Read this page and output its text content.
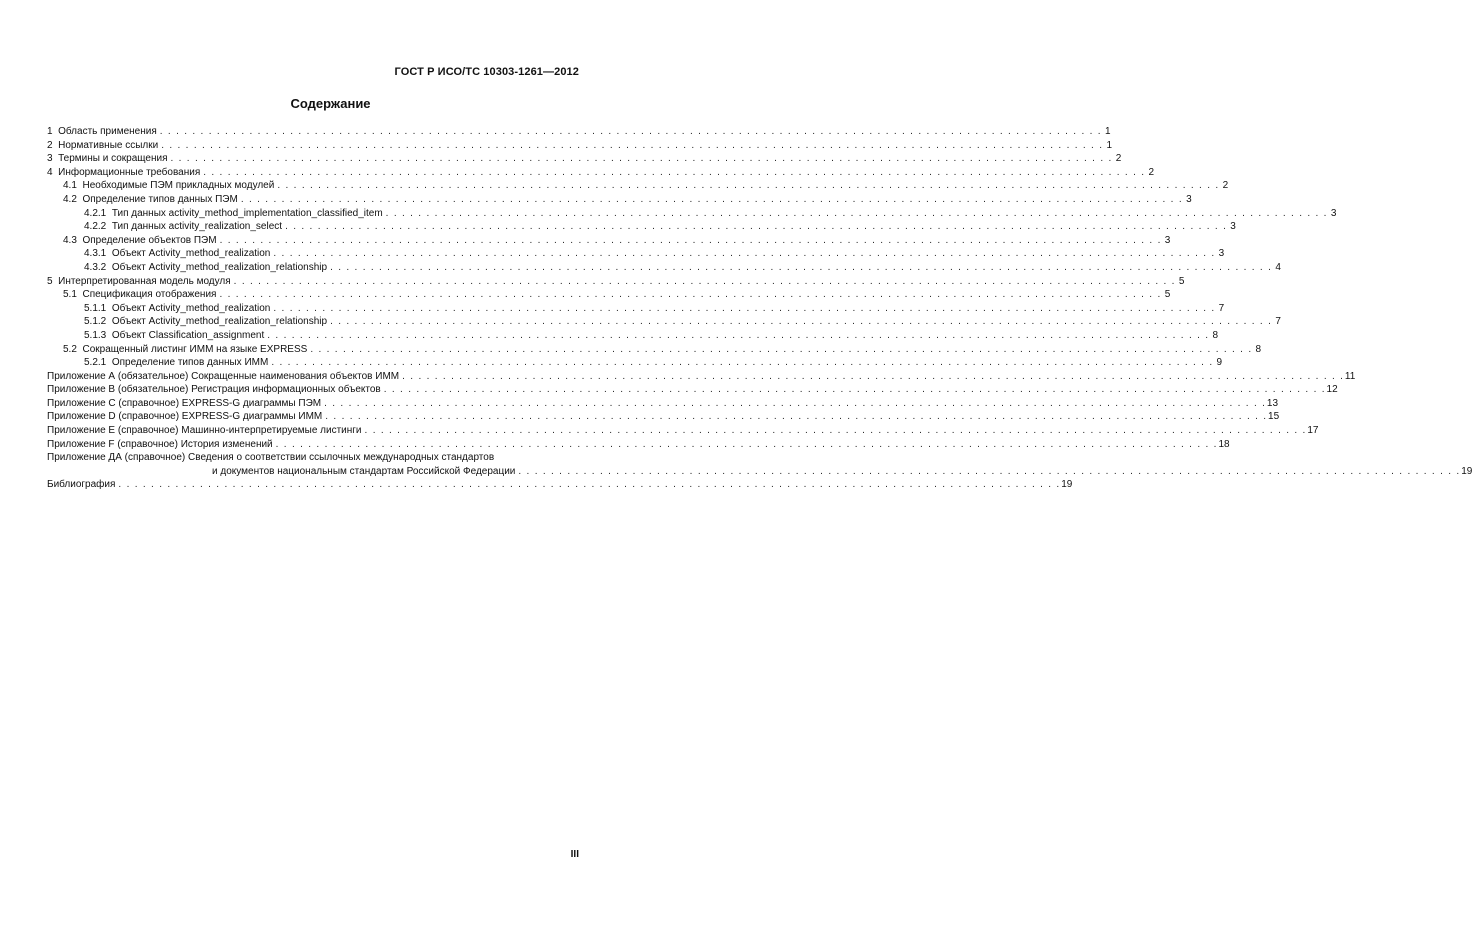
ГОСТ Р ИСО/ТС 10303-1261—2012
Содержание
1 Область применения . . .	1
2 Нормативные ссылки . . .	1
3 Термины и сокращения . . .	2
4 Информационные требования . . .	2
4.1 Необходимые ПЭМ прикладных модулей . . .	2
4.2 Определение типов данных ПЭМ . . .	3
4.2.1 Тип данных activity_method_implementation_classified_item . . .	3
4.2.2 Тип данных activity_realization_select . . .	3
4.3 Определение объектов ПЭМ . . .	3
4.3.1 Объект Activity_method_realization . . .	3
4.3.2 Объект Activity_method_realization_relationship . . .	4
5 Интерпретированная модель модуля . . .	5
5.1 Спецификация отображения . . .	5
5.1.1 Объект Activity_method_realization . . .	7
5.1.2 Объект Activity_method_realization_relationship . . .	7
5.1.3 Объект Classification_assignment . . .	8
5.2 Сокращенный листинг ИММ на языке EXPRESS . . .	8
5.2.1 Определение типов данных ИММ . . .	9
Приложение А (обязательное) Сокращенные наименования объектов ИММ . . .	11
Приложение В (обязательное) Регистрация информационных объектов . . .	12
Приложение С (справочное) EXPRESS-G диаграммы ПЭМ . . .	13
Приложение D (справочное) EXPRESS-G диаграммы ИММ . . .	15
Приложение Е (справочное) Машинно-интерпретируемые листинги . . .	17
Приложение F (справочное) История изменений . . .	18
Приложение ДА (справочное) Сведения о соответствии ссылочных международных стандартов
и документов национальным стандартам Российской Федерации . . .	19
Библиография . . .	19
III
